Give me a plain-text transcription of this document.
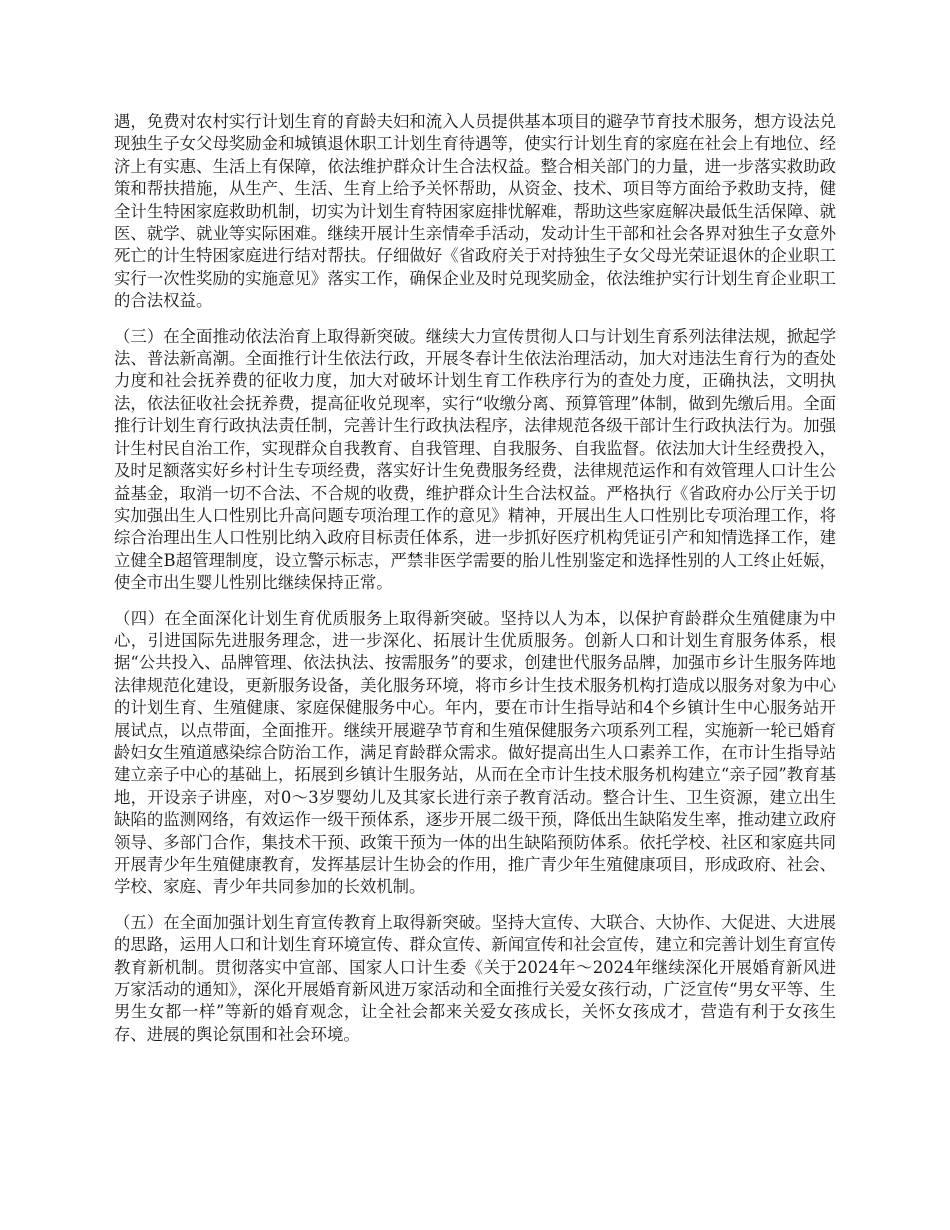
遇，免费对农村实行计划生育的育龄夫妇和流入人员提供基本项目的避孕节育技术服务，想方设法兑现独生子女父母奖励金和城镇退休职工计划生育待遇等，使实行计划生育的家庭在社会上有地位、经济上有实惠、生活上有保障，依法维护群众计生合法权益。整合相关部门的力量，进一步落实救助政策和帮扶措施，从生产、生活、生育上给予关怀帮助，从资金、技术、项目等方面给予救助支持，健全计生特困家庭救助机制，切实为计划生育特困家庭排忧解难，帮助这些家庭解决最低生活保障、就医、就学、就业等实际困难。继续开展计生亲情牵手活动，发动计生干部和社会各界对独生子女意外死亡的计生特困家庭进行结对帮扶。仔细做好《省政府关于对持独生子女父母光荣证退休的企业职工实行一次性奖励的实施意见》落实工作，确保企业及时兑现奖励金，依法维护实行计划生育企业职工的合法权益。

（三）在全面推动依法治育上取得新突破。继续大力宣传贯彻人口与计划生育系列法律法规，掀起学法、普法新高潮。全面推行计生依法行政，开展冬春计生依法治理活动，加大对违法生育行为的查处力度和社会抚养费的征收力度，加大对破坏计划生育工作秩序行为的查处力度，正确执法，文明执法，依法征收社会抚养费，提高征收兑现率，实行“收缴分离、预算管理”体制，做到先缴后用。全面推行计划生育行政执法责任制，完善计生行政执法程序，法律规范各级干部计生行政执法行为。加强计生村民自治工作，实现群众自我教育、自我管理、自我服务、自我监督。依法加大计生经费投入，及时足额落实好乡村计生专项经费，落实好计生免费服务经费，法律规范运作和有效管理人口计生公益基金，取消一切不合法、不合规的收费，维护群众计生合法权益。严格执行《省政府办公厅关于切实加强出生人口性别比升高问题专项治理工作的意见》精神，开展出生人口性别比专项治理工作，将综合治理出生人口性别比纳入政府目标责任体系，进一步抓好医疗机构凭证引产和知情选择工作，建立健全B超管理制度，设立警示标志，严禁非医学需要的胎儿性别鉴定和选择性别的人工终止妊娠，使全市出生婴儿性别比继续保持正常。

（四）在全面深化计划生育优质服务上取得新突破。坚持以人为本，以保护育龄群众生殖健康为中心，引进国际先进服务理念，进一步深化、拓展计生优质服务。创新人口和计划生育服务体系，根据“公共投入、品牌管理、依法执法、按需服务”的要求，创建世代服务品牌，加强市乡计生服务阵地法律规范化建设，更新服务设备，美化服务环境，将市乡计生技术服务机构打造成以服务对象为中心的计划生育、生殖健康、家庭保健服务中心。年内，要在市计生指导站和4个乡镇计生中心服务站开展试点，以点带面，全面推开。继续开展避孕节育和生殖保健服务六项系列工程，实施新一轮已婚育龄妇女生殖道感染综合防治工作，满足育龄群众需求。做好提高出生人口素养工作，在市计生指导站建立亲子中心的基础上，拓展到乡镇计生服务站，从而在全市计生技术服务机构建立“亲子园”教育基地，开设亲子讲座，对0～3岁婴幼儿及其家长进行亲子教育活动。整合计生、卫生资源，建立出生缺陷的监测网络，有效运作一级干预体系，逐步开展二级干预，降低出生缺陷发生率，推动建立政府领导、多部门合作，集技术干预、政策干预为一体的出生缺陷预防体系。依托学校、社区和家庭共同开展青少年生殖健康教育，发挥基层计生协会的作用，推广青少年生殖健康项目，形成政府、社会、学校、家庭、青少年共同参加的长效机制。

（五）在全面加强计划生育宣传教育上取得新突破。坚持大宣传、大联合、大协作、大促进、大进展的思路，运用人口和计划生育环境宣传、群众宣传、新闻宣传和社会宣传，建立和完善计划生育宣传教育新机制。贯彻落实中宣部、国家人口计生委《关于2024年～2024年继续深化开展婚育新风进万家活动的通知》，深化开展婚育新风进万家活动和全面推行关爱女孩行动，广泛宣传“男女平等、生男生女都一样”等新的婚育观念，让全社会都来关爱女孩成长，关怀女孩成才，营造有利于女孩生存、进展的舆论氛围和社会环境。
